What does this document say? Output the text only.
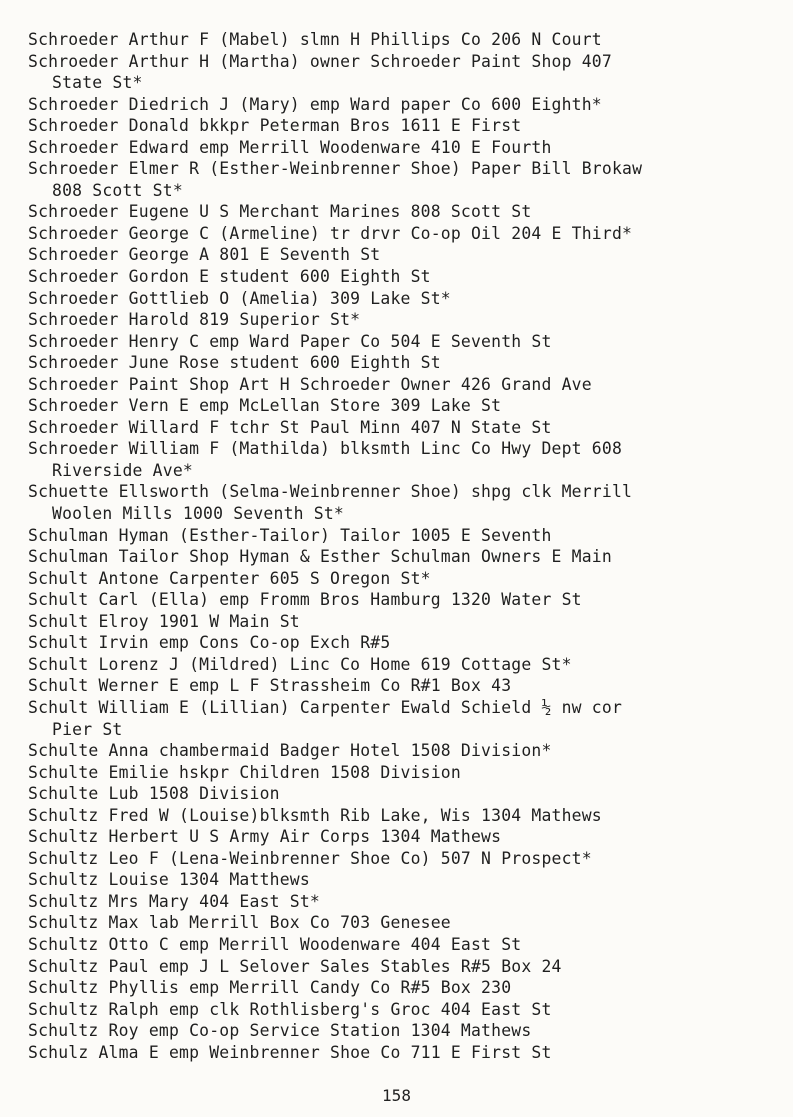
Schroeder Arthur F (Mabel) slmn H Phillips Co 206 N Court
Schroeder Arthur H (Martha) owner Schroeder Paint Shop 407
State St*
Schroeder Diedrich J (Mary) emp Ward paper Co 600 Eighth*
Schroeder Donald bkkpr Peterman Bros 1611 E First
Schroeder Edward emp Merrill Woodenware 410 E Fourth
Schroeder Elmer R (Esther-Weinbrenner Shoe) Paper Bill Brokaw
808 Scott St*
Schroeder Eugene U S Merchant Marines 808 Scott St
Schroeder George C (Armeline) tr drvr Co-op Oil 204 E Third*
Schroeder George A 801 E Seventh St
Schroeder Gordon E student 600 Eighth St
Schroeder Gottlieb O (Amelia) 309 Lake St*
Schroeder Harold 819 Superior St*
Schroeder Henry C emp Ward Paper Co 504 E Seventh St
Schroeder June Rose student 600 Eighth St
Schroeder Paint Shop Art H Schroeder Owner 426 Grand Ave
Schroeder Vern E emp McLellan Store 309 Lake St
Schroeder Willard F tchr St Paul Minn 407 N State St
Schroeder William F (Mathilda) blksmth Linc Co Hwy Dept 608
Riverside Ave*
Schuette Ellsworth (Selma-Weinbrenner Shoe) shpg clk Merrill
Woolen Mills 1000 Seventh St*
Schulman Hyman (Esther-Tailor) Tailor 1005 E Seventh
Schulman Tailor Shop Hyman & Esther Schulman Owners E Main
Schult Antone Carpenter 605 S Oregon St*
Schult Carl (Ella) emp Fromm Bros Hamburg 1320 Water St
Schult Elroy 1901 W Main St
Schult Irvin emp Cons Co-op Exch R#5
Schult Lorenz J (Mildred) Linc Co Home 619 Cottage St*
Schult Werner E emp L F Strassheim Co R#1 Box 43
Schult William E (Lillian) Carpenter Ewald Schield ½ nw cor
Pier St
Schulte Anna chambermaid Badger Hotel 1508 Division*
Schulte Emilie hskpr Children 1508 Division
Schulte Lub 1508 Division
Schultz Fred W (Louise)blksmth Rib Lake, Wis 1304 Mathews
Schultz Herbert U S Army Air Corps 1304 Mathews
Schultz Leo F (Lena-Weinbrenner Shoe Co) 507 N Prospect*
Schultz Louise 1304 Matthews
Schultz Mrs Mary 404 East St*
Schultz Max lab Merrill Box Co 703 Genesee
Schultz Otto C emp Merrill Woodenware 404 East St
Schultz Paul emp J L Selover Sales Stables R#5 Box 24
Schultz Phyllis emp Merrill Candy Co R#5 Box 230
Schultz Ralph emp clk Rothlisberg's Groc 404 East St
Schultz Roy emp Co-op Service Station 1304 Mathews
Schulz Alma E emp Weinbrenner Shoe Co 711 E First St
158
